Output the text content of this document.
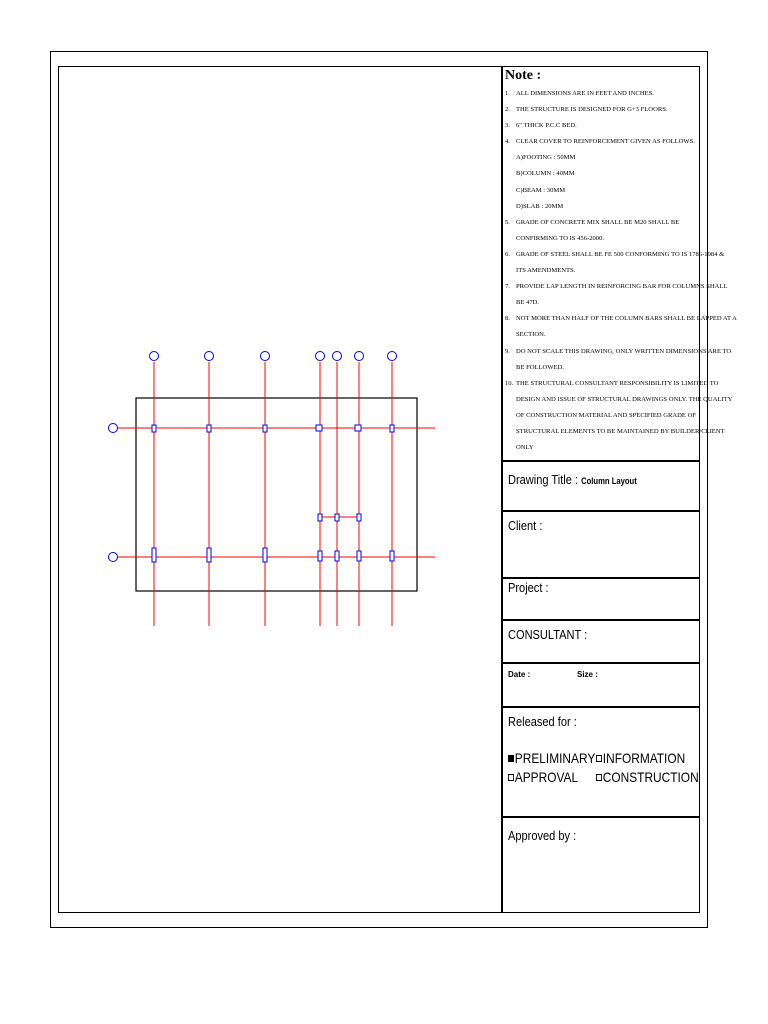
Note :
1. ALL DIMENSIONS ARE IN FEET AND INCHES.
2. THE STRUCTURE IS DESIGNED FOR G+3 FLOORS.
3. 6" THICK P.C.C BED.
4. CLEAR COVER TO REINFORCEMENT GIVEN AS FOLLOWS.
A)FOOTING : 50MM
B)COLUMN : 40MM
C)BEAM : 30MM
D)SLAB : 20MM
5. GRADE OF CONCRETE MIX SHALL BE M20 SHALL BE
CONFIRMING TO IS 456-2000.
6. GRADE OF STEEL SHALL BE FE 500 CONFORMING TO IS 1786-1984 &
ITS AMENDMENTS.
7. PROVIDE LAP LENGTH IN REINFORCING BAR FOR COLUMNS SHALL
BE 47D.
8. NOT MORE THAN HALF OF THE COLUMN BARS SHALL BE LAPPED AT A
SECTION.
9. DO NOT SCALE THIS DRAWING, ONLY WRITTEN DIMENSIONS ARE TO
BE FOLLOWED.
10. THE STRUCTURAL CONSULTANT RESPONSIBILITY IS LIMITED TO
DESIGN AND ISSUE OF STRUCTURAL DRAWINGS ONLY. THE QUALITY
OF CONSTRUCTION MATERIAL AND SPECIFIED GRADE OF
STRUCTURAL ELEMENTS TO BE MAINTAINED BY BUILDER/CLIENT
ONLY
Drawing Title : Column Layout
Client :
Project :
CONSULTANT :
Date :	Size :
Released for :
PRELIMINARY INFORMATION
APPROVAL	CONSTRUCTION
Approved by :
